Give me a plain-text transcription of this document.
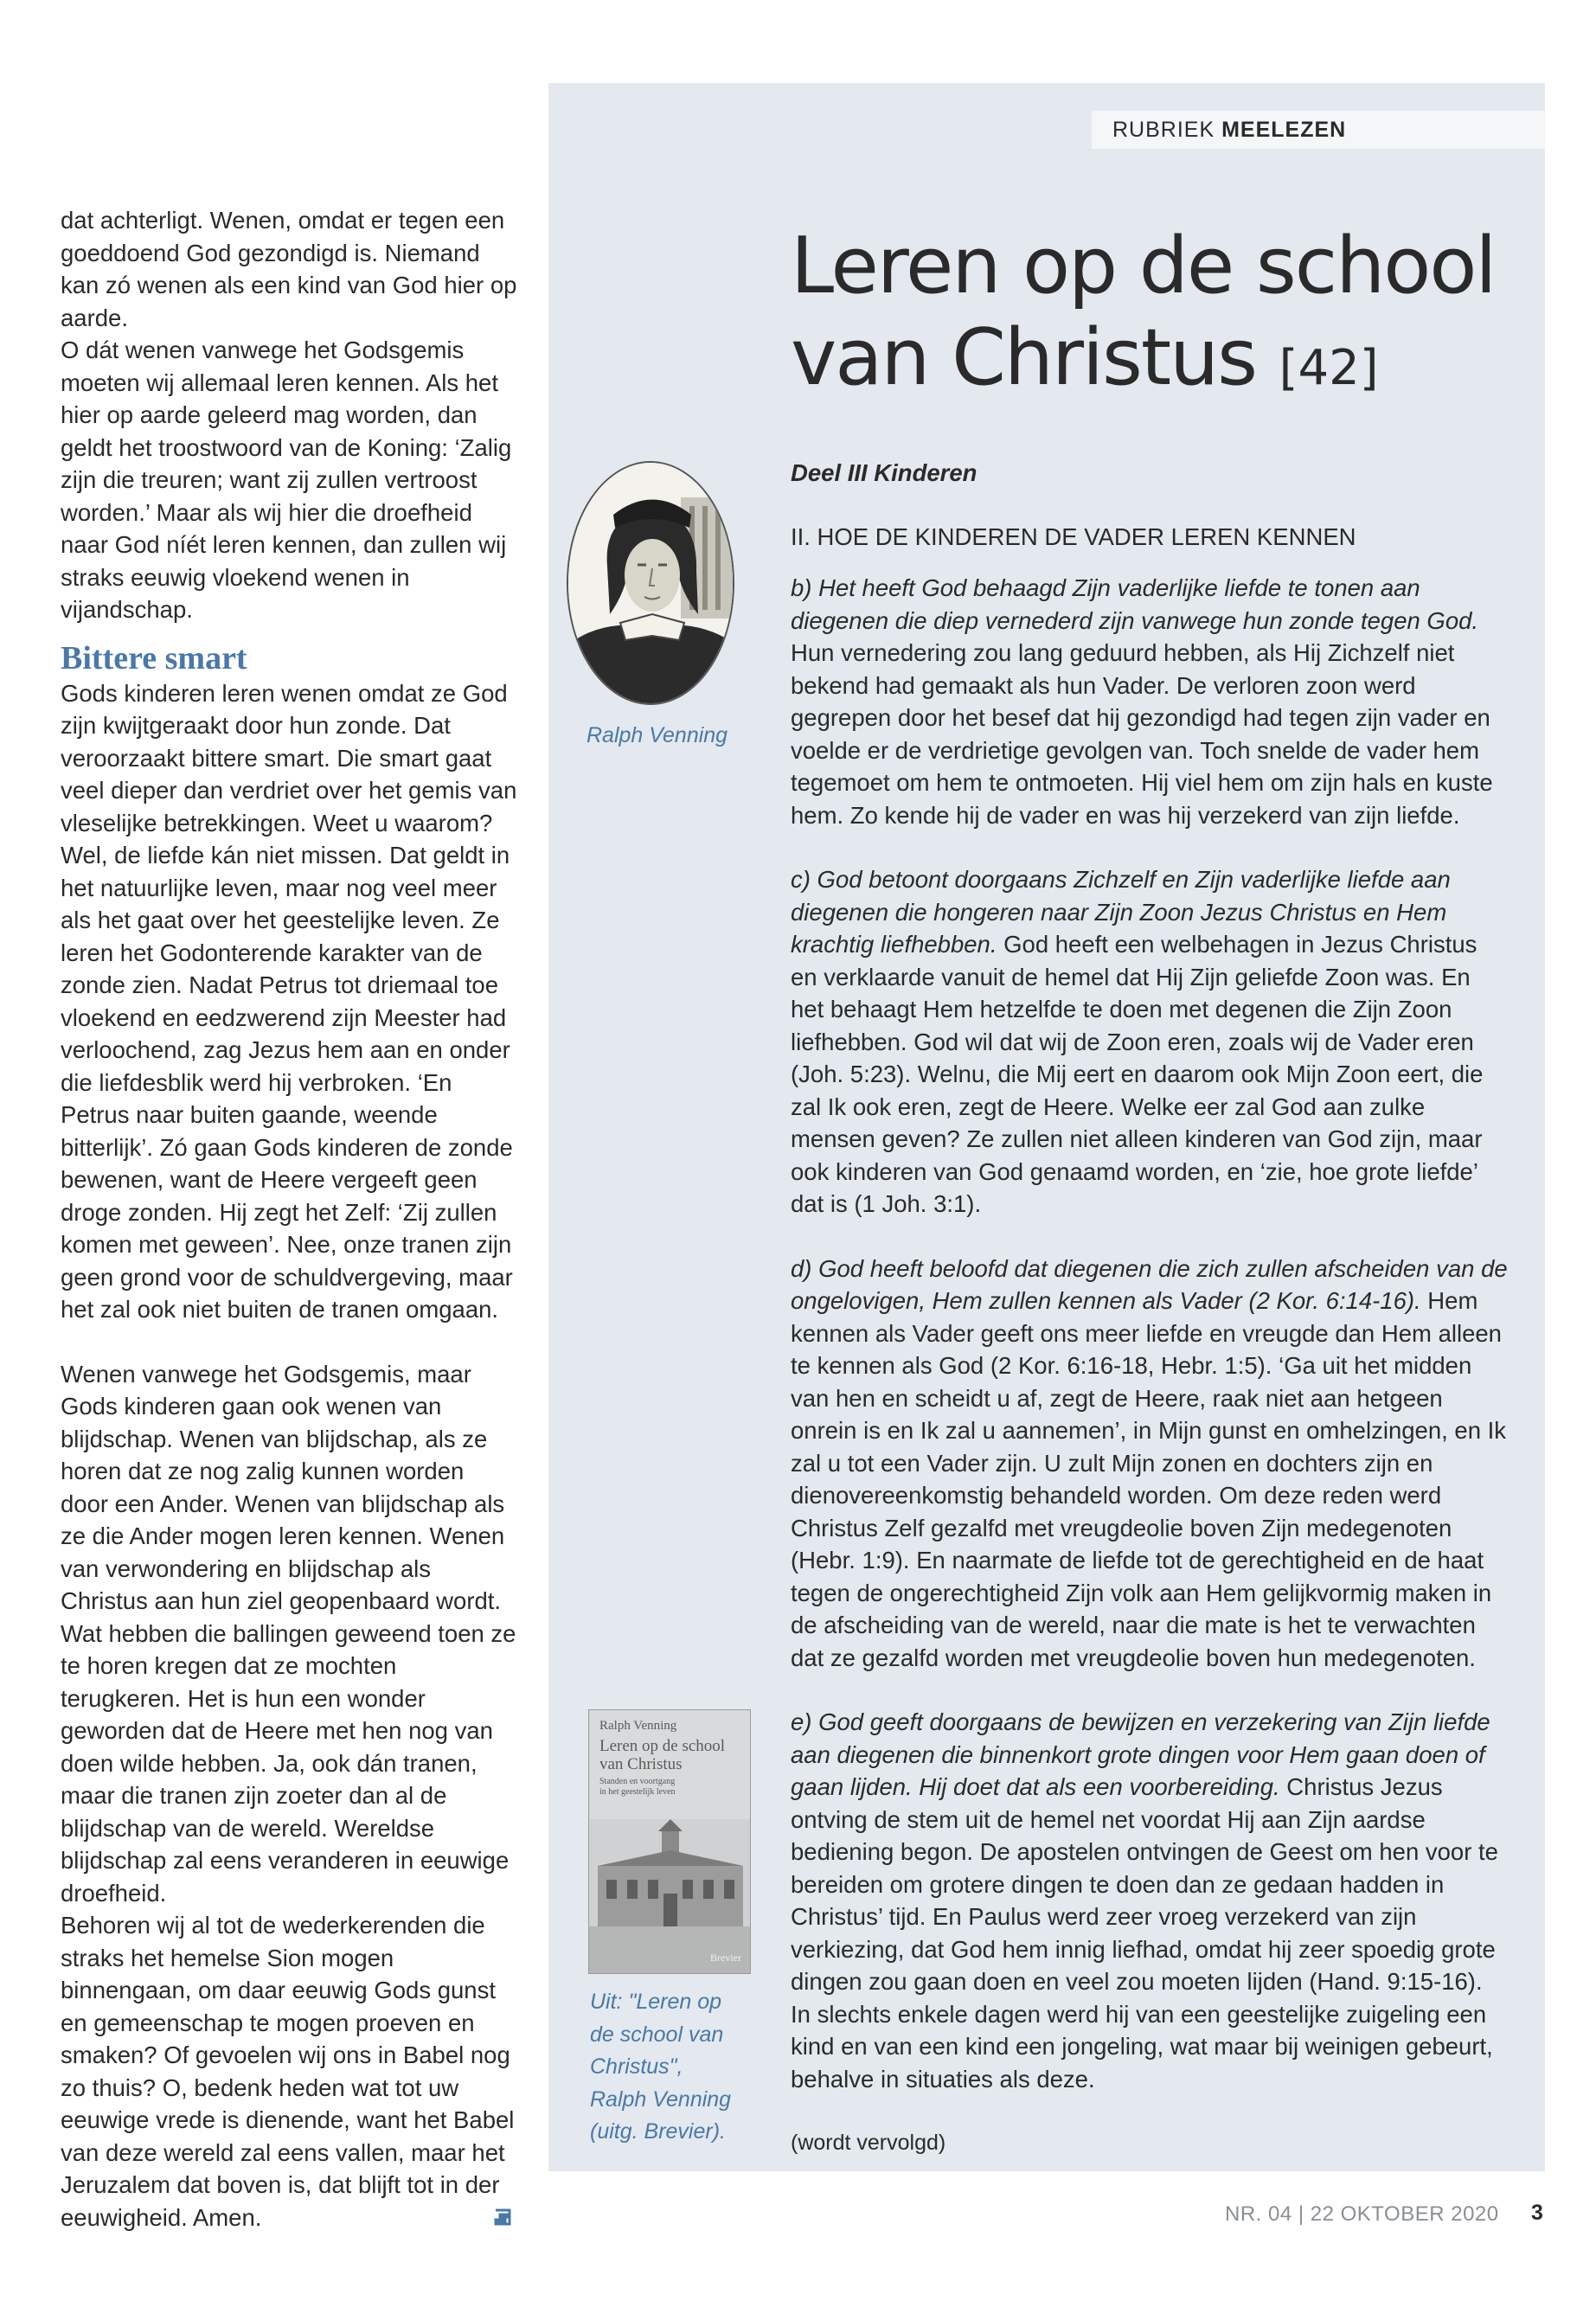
RUBRIEK MEELEZEN

dat achterligt. Wenen, omdat er tegen een goeddoend God gezondigd is. Niemand kan zó wenen als een kind van God hier op aarde.

O dát wenen vanwege het Godsgemis moeten wij allemaal leren kennen. Als het hier op aarde geleerd mag worden, dan geldt het troostwoord van de Koning: ‘Zalig zijn die treuren; want zij zullen vertroost worden.’ Maar als wij hier die droefheid naar God níét leren kennen, dan zullen wij straks eeuwig vloekend wenen in vijandschap.

Bittere smart

Gods kinderen leren wenen omdat ze God zijn kwijtgeraakt door hun zonde. Dat veroorzaakt bittere smart. Die smart gaat veel dieper dan verdriet over het gemis van vleselijke betrekkingen. Weet u waarom? Wel, de liefde kán niet missen. Dat geldt in het natuurlijke leven, maar nog veel meer als het gaat over het geestelijke leven. Ze leren het Godonterende karakter van de zonde zien. Nadat Petrus tot driemaal toe vloekend en eedzwerend zijn Meester had verloochend, zag Jezus hem aan en onder die liefdesblik werd hij verbroken. ‘En Petrus naar buiten gaande, weende bitterlijk’. Zó gaan Gods kinderen de zonde bewenen, want de Heere vergeeft geen droge zonden. Hij zegt het Zelf: ‘Zij zullen komen met geween’. Nee, onze tranen zijn geen grond voor de schuldvergeving, maar het zal ook niet buiten de tranen omgaan.

Wenen vanwege het Godsgemis, maar Gods kinderen gaan ook wenen van blijdschap. Wenen van blijdschap, als ze horen dat ze nog zalig kunnen worden door een Ander. Wenen van blijdschap als ze die Ander mogen leren kennen. Wenen van verwondering en blijdschap als Christus aan hun ziel geopenbaard wordt.

Wat hebben die ballingen geweend toen ze te horen kregen dat ze mochten terugkeren. Het is hun een wonder geworden dat de Heere met hen nog van doen wilde hebben. Ja, ook dán tranen, maar die tranen zijn zoeter dan al de blijdschap van de wereld. Wereldse blijdschap zal eens veranderen in eeuwige droefheid.

Behoren wij al tot de wederkerenden die straks het hemelse Sion mogen binnengaan, om daar eeuwig Gods gunst en gemeenschap te mogen proeven en smaken? Of gevoelen wij ons in Babel nog zo thuis? O, bedenk heden wat tot uw eeuwige vrede is dienende, want het Babel van deze wereld zal eens vallen, maar het Jeruzalem dat boven is, dat blijft tot in der eeuwigheid. Amen.

Leren op de school
van Christus [42]
Ralph Venning

Deel III Kinderen

II. HOE DE KINDEREN DE VADER LEREN KENNEN

b) Het heeft God behaagd Zijn vaderlijke liefde te tonen aan diegenen die diep vernederd zijn vanwege hun zonde tegen God. Hun vernedering zou lang geduurd hebben, als Hij Zichzelf niet bekend had gemaakt als hun Vader. De verloren zoon werd gegrepen door het besef dat hij gezondigd had tegen zijn vader en voelde er de verdrietige gevolgen van. Toch snelde de vader hem tegemoet om hem te ontmoeten. Hij viel hem om zijn hals en kuste hem. Zo kende hij de vader en was hij verzekerd van zijn liefde.

c) God betoont doorgaans Zichzelf en Zijn vaderlijke liefde aan diegenen die hongeren naar Zijn Zoon Jezus Christus en Hem krachtig liefhebben. God heeft een welbehagen in Jezus Christus en verklaarde vanuit de hemel dat Hij Zijn geliefde Zoon was. En het behaagt Hem hetzelfde te doen met degenen die Zijn Zoon liefhebben. God wil dat wij de Zoon eren, zoals wij de Vader eren (Joh. 5:23). Welnu, die Mij eert en daarom ook Mijn Zoon eert, die zal Ik ook eren, zegt de Heere. Welke eer zal God aan zulke mensen geven? Ze zullen niet alleen kinderen van God zijn, maar ook kinderen van God genaamd worden, en ‘zie, hoe grote liefde’ dat is (1 Joh. 3:1).

d) God heeft beloofd dat diegenen die zich zullen afscheiden van de ongelovigen, Hem zullen kennen als Vader (2 Kor. 6:14-16). Hem kennen als Vader geeft ons meer liefde en vreugde dan Hem alleen te kennen als God (2 Kor. 6:16-18, Hebr. 1:5). ‘Ga uit het midden van hen en scheidt u af, zegt de Heere, raak niet aan hetgeen onrein is en Ik zal u aannemen’, in Mijn gunst en omhelzingen, en Ik zal u tot een Vader zijn. U zult Mijn zonen en dochters zijn en dienovereenkomstig behandeld worden. Om deze reden werd Christus Zelf gezalfd met vreugdeolie boven Zijn medegenoten (Hebr. 1:9). En naarmate de liefde tot de gerechtigheid en de haat tegen de ongerechtigheid Zijn volk aan Hem gelijkvormig maken in de afscheiding van de wereld, naar die mate is het te verwachten dat ze gezalfd worden met vreugdeolie boven hun medegenoten.

e) God geeft doorgaans de bewijzen en verzekering van Zijn liefde aan diegenen die binnenkort grote dingen voor Hem gaan doen of gaan lijden. Hij doet dat als een voorbereiding. Christus Jezus ontving de stem uit de hemel net voordat Hij aan Zijn aardse bediening begon. De apostelen ontvingen de Geest om hen voor te bereiden om grotere dingen te doen dan ze gedaan hadden in Christus’ tijd. En Paulus werd zeer vroeg verzekerd van zijn verkiezing, dat God hem innig liefhad, omdat hij zeer spoedig grote dingen zou gaan doen en veel zou moeten lijden (Hand. 9:15-16). In slechts enkele dagen werd hij van een geestelijke zuigeling een kind en van een kind een jongeling, wat maar bij weinigen gebeurt, behalve in situaties als deze.

(wordt vervolgd)

Ralph Venning
Leren op de school
van Christus
Standen en voortgang
in het geestelijk leven
Brevier
Uit: "Leren op
de school van
Christus",
Ralph Venning
(uitg. Brevier).
NR. 04 | 22 OKTOBER 2020 3
